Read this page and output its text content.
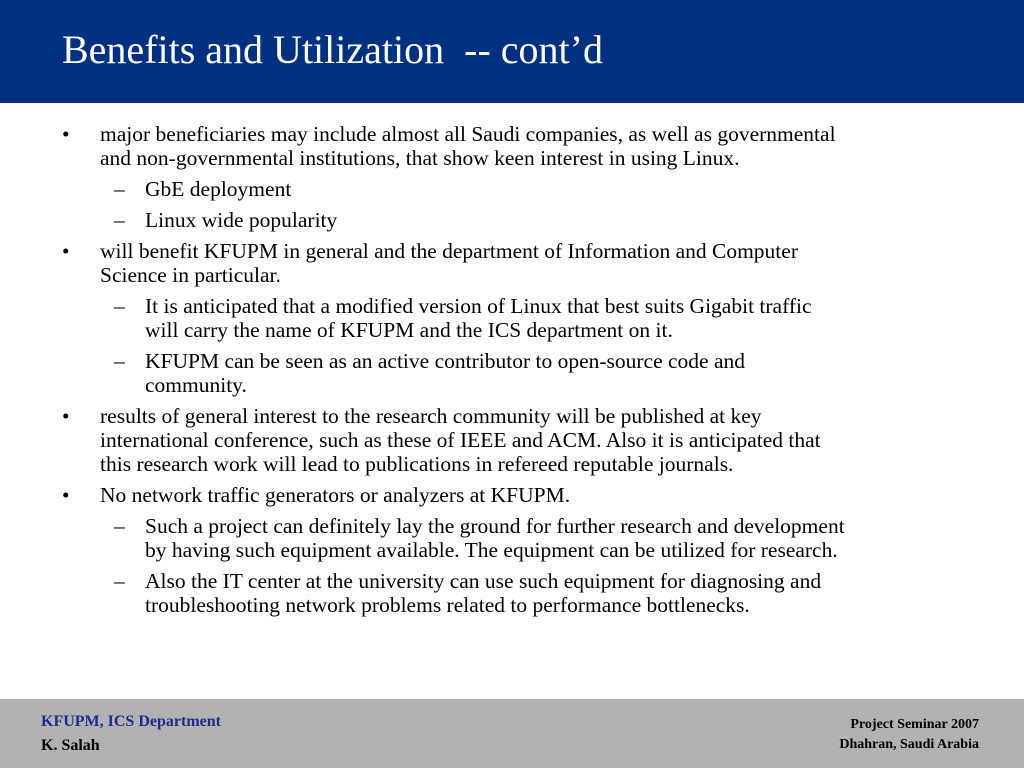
Benefits and Utilization  -- cont’d
• major beneficiaries may include almost all Saudi companies, as well as governmental
and non-governmental institutions, that show keen interest in using Linux.
– GbE deployment
– Linux wide popularity
• will benefit KFUPM in general and the department of Information and Computer
Science in particular.
– It is anticipated that a modified version of Linux that best suits Gigabit traffic
will carry the name of KFUPM and the ICS department on it.
– KFUPM can be seen as an active contributor to open-source code and
community.
• results of general interest to the research community will be published at key
international conference, such as these of IEEE and ACM. Also it is anticipated that
this research work will lead to publications in refereed reputable journals.
• No network traffic generators or analyzers at KFUPM.
– Such a project can definitely lay the ground for further research and development
by having such equipment available. The equipment can be utilized for research.
– Also the IT center at the university can use such equipment for diagnosing and
troubleshooting network problems related to performance bottlenecks.
KFUPM, ICS Department
K. Salah
Project Seminar 2007
Dhahran, Saudi Arabia
